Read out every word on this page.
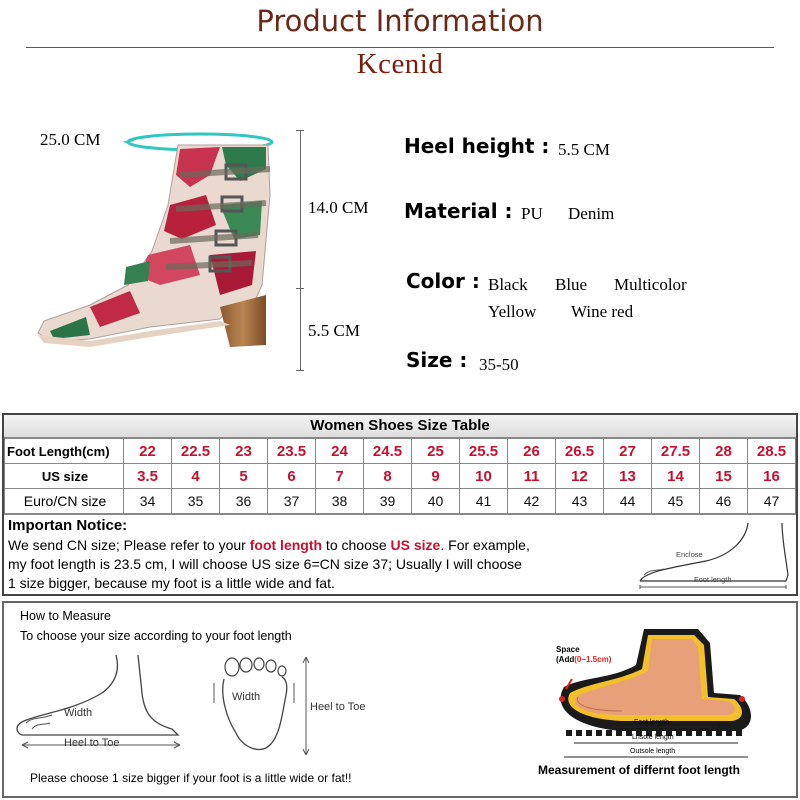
Product Information
Kcenid
25.0 CM
14.0 CM
5.5 CM
Heel height : 5.5 CM
Material : PU Denim
Color : Black Blue Multicolor
Yellow Wine red
Size : 35-50
Women Shoes Size Table
Foot Length(cm)	22	22.5	23	23.5	24	24.5	25	25.5	26	26.5	27	27.5	28	28.5
US size	3.5	4	5	6	7	8	9	10	11	12	13	14	15	16
Euro/CN size	34	35	36	37	38	39	40	41	42	43	44	45	46	47
Importan Notice:
We send CN size; Please refer to your foot length to choose US size. For example,
my foot length is 23.5 cm, I will choose US size 6=CN size 37; Usually I will choose
1 size bigger, because my foot is a little wide and fat.
Enclose
Foot length
How to Measure
To choose your size according to your foot length
Width
Heel to Toe
Width
Heel to Toe
Please choose 1 size bigger if your foot is a little wide or fat!!
Space
(Add(0~1.5cm)
Foot length
Lnsole length
Outsole length
Measurement of differnt foot length
